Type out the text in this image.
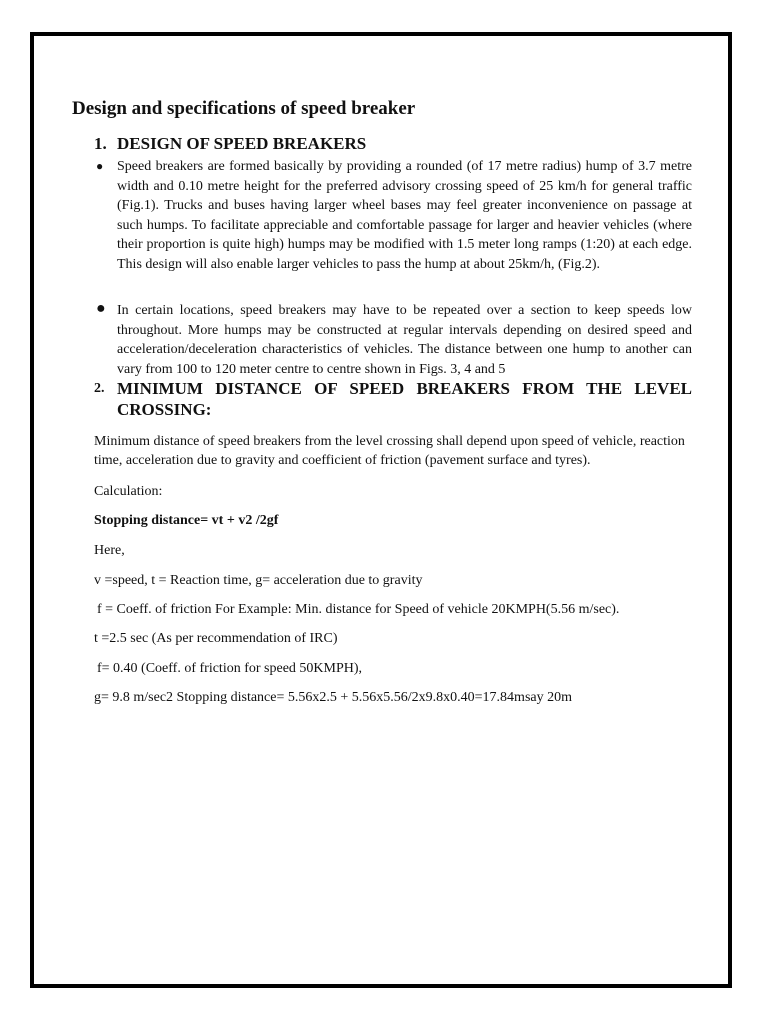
Design and specifications of speed breaker
1. DESIGN OF SPEED BREAKERS
● Speed breakers are formed basically by providing a rounded (of 17 metre radius) hump of 3.7 metre width and 0.10 metre height for the preferred advisory crossing speed of 25 km/h for general traffic (Fig.1). Trucks and buses having larger wheel bases may feel greater inconvenience on passage at such humps. To facilitate appreciable and comfortable passage for larger and heavier vehicles (where their proportion is quite high) humps may be modified with 1.5 meter long ramps (1:20) at each edge. This design will also enable larger vehicles to pass the hump at about 25km/h, (Fig.2).
● In certain locations, speed breakers may have to be repeated over a section to keep speeds low throughout. More humps may be constructed at regular intervals depending on desired speed and acceleration/deceleration characteristics of vehicles. The distance between one hump to another can vary from 100 to 120 meter centre to centre shown in Figs. 3, 4 and 5
2. MINIMUM DISTANCE OF SPEED BREAKERS FROM THE LEVEL
CROSSING:

Minimum distance of speed breakers from the level crossing shall depend upon speed of vehicle, reaction time, acceleration due to gravity and coefficient of friction (pavement surface and tyres).

Calculation:

Stopping distance= vt + v2 /2gf

Here,

v =speed, t = Reaction time, g= acceleration due to gravity

f = Coeff. of friction For Example: Min. distance for Speed of vehicle 20KMPH(5.56 m/sec).

t =2.5 sec (As per recommendation of IRC)

f= 0.40 (Coeff. of friction for speed 50KMPH),

g= 9.8 m/sec2 Stopping distance= 5.56x2.5 + 5.56x5.56/2x9.8x0.40=17.84msay 20m
